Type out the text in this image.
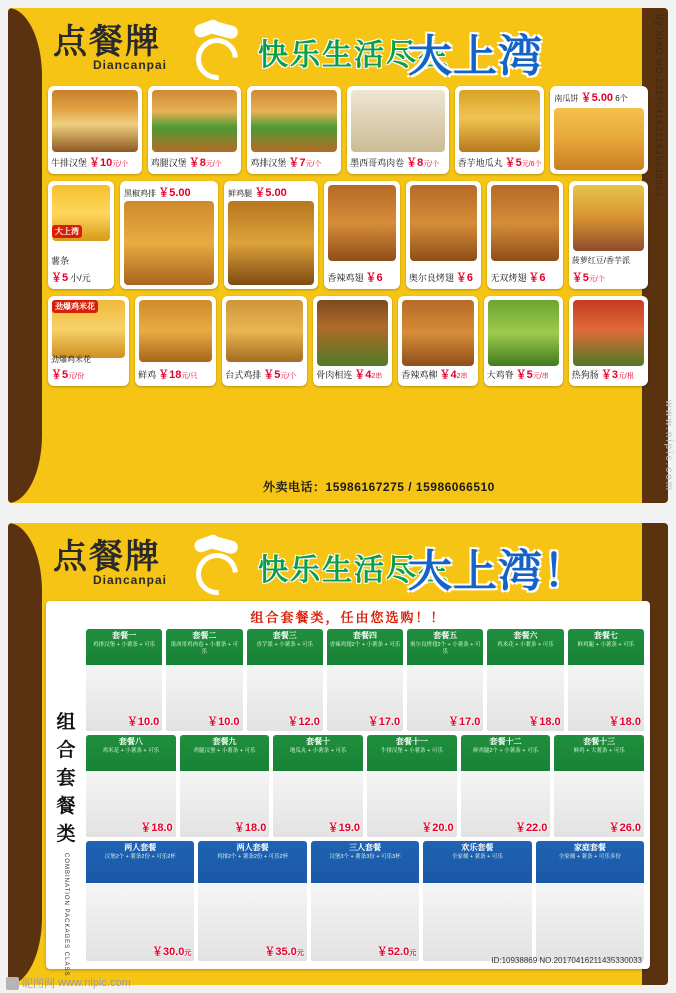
点餐牌
Diancanpai	快乐生活尽在
大上湾	By:XIAO NO.20170416211435330033
牛排汉堡 ￥10元/个 鸡腿汉堡 ￥8元/个	鸡排汉堡 ￥7元/个	墨西哥鸡肉卷 ￥8元/个 香芋地瓜丸 ￥5元/6个
南瓜饼 ￥5.00 6个
大上湾
薯条
￥5 小/元
黑椒鸡排 ￥5.00	鲜鸡腿 ￥5.00
香辣鸡翅 ￥6	奥尔良烤翅 ￥6 无双烤翅 ￥6
菠萝红豆/香芋派
￥5元/个
劲爆鸡米花
劲爆鸡米花
￥5元/份	鲜鸡 ￥18元/只	台式鸡排 ￥5元/个 骨肉相连 ￥42串 香辣鸡柳 ￥42串 大鸡脊 ￥5元/串	热狗肠 ￥3元/根
外卖电话：15986167275 / 15986066510
点餐牌
Diancanpai	快乐生活尽在
大上湾！
组合套餐类，任由您选购！！
组合套餐类
COMBINATION PACKAGES CLASS
套餐一
鸡排汉堡 + 小薯条 + 可乐
￥10.0
套餐二
墨西哥鸡肉卷 + 小薯条 + 可乐
￥10.0
套餐三
香芋派 + 小薯条 + 可乐
￥12.0
套餐四
香辣鸡翅2个 + 小薯条 + 可乐
￥17.0
套餐五
奥尔良烤翅2个 + 小薯条 + 可乐
￥17.0
套餐六
鸡米花 + 小薯条 + 可乐
￥18.0
套餐七
鲜鸡腿 + 小薯条 + 可乐
￥18.0
套餐八
鸡米花 + 小薯条 + 可乐
￥18.0
套餐九
鸡腿汉堡 + 小薯条 + 可乐
￥18.0
套餐十
地瓜丸 + 小薯条 + 可乐
￥19.0
套餐十一
牛排汉堡 + 小薯条 + 可乐
￥20.0
套餐十二
鲜鸡腿2个 + 小薯条 + 可乐
￥22.0
套餐十三
鲜鸡 + 大薯条 + 可乐
￥26.0
两人套餐
汉堡2个 + 薯条2份 + 可乐2杯
￥30.0元
两人套餐
鸡排2个 + 薯条2份 + 可乐2杯
￥35.0元
三人套餐
汉堡3个 + 薯条3份 + 可乐3杯
￥52.0元
欢乐套餐
全家桶 + 薯条 + 可乐
家庭套餐
全家桶 + 薯条 + 可乐多份
ID:10938869 NO.20170416211435330033
www.nipic.com
昵图网 www.nipic.com
